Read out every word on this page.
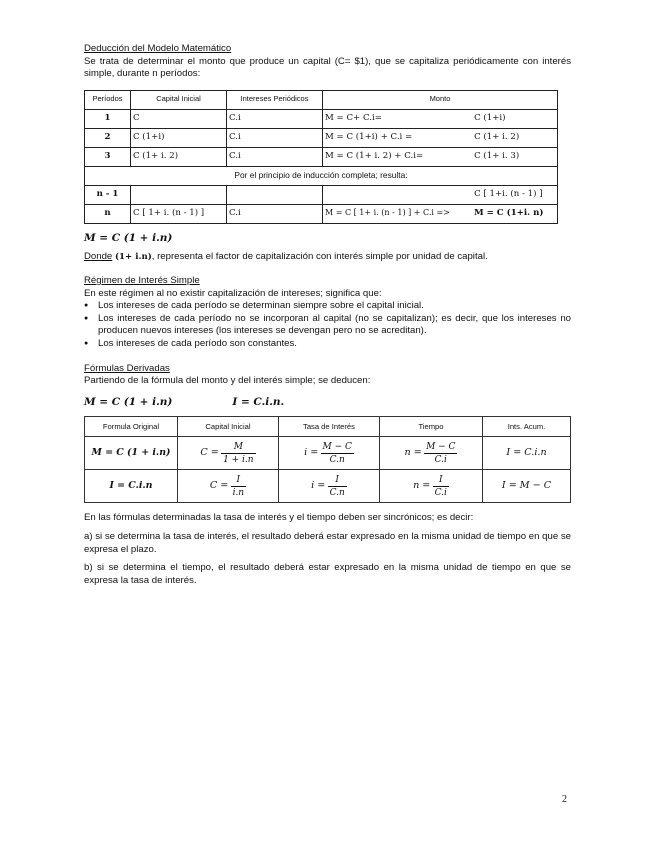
Deducción del Modelo Matemático

Se trata de determinar el monto que produce un capital (C= $1), que se capitaliza periódicamente con interés simple, durante n períodos:

Períodos	Capital Inicial	Intereses Periódicos	Monto	
1	C	C.i	M = C+ C.i=	C (1+i)
2	C (1+i)	C.i	M = C (1+i) + C.i =	C (1+ i. 2)
3	C (1+ i. 2)	C.i	M = C (1+ i. 2) + C.i=	C (1+ i. 3)
Por el principio de inducción completa; resulta:				
n - 1				C [ 1+i. (n - 1) ]
n	C [ 1+ i. (n - 1) ]	C.i	M = C [ 1+ i. (n - 1) ] + C.i =>	M = C (1+i. n)

M = C (1 + i.n)

Donde (1+ i.n), representa el factor de capitalización con interés simple por unidad de capital.

Régimen de Interés Simple

En este régimen al no existir capitalización de intereses; significa que:

● Los intereses de cada período se determinan siempre sobre el capital inicial.

● Los intereses de cada período no se incorporan al capital (no se capitalizan); es decir, que los intereses no producen nuevos intereses (los intereses se devengan pero no se acreditan).

● Los intereses de cada período son constantes.

Fórmulas Derivadas

Partiendo de la fórmula del monto y del interés simple; se deducen:

M = C (1 + i.n)	I = C.i.n.

Formula Original	Capital Inicial	Tasa de Interés	Tiempo	Ints. Acum.
M = C (1 + i.n)	$C = \frac{M}{1 + i.n}$	$i = \frac{M - C}{C.n}$	$n = \frac{M - C}{C.i}$	I = C.i.n
I = C.i.n	$C = \frac{I}{i.n}$	$i = \frac{I}{C.n}$	$n = \frac{I}{C.i}$	I = M − C

En las fórmulas determinadas la tasa de interés y el tiempo deben ser sincrónicos; es decir:

a) si se determina la tasa de interés, el resultado deberá estar expresado en la misma unidad de tiempo en que se expresa el plazo.

b) si se determina el tiempo, el resultado deberá estar expresado en la misma unidad de tiempo en que se expresa la tasa de interés.

2
